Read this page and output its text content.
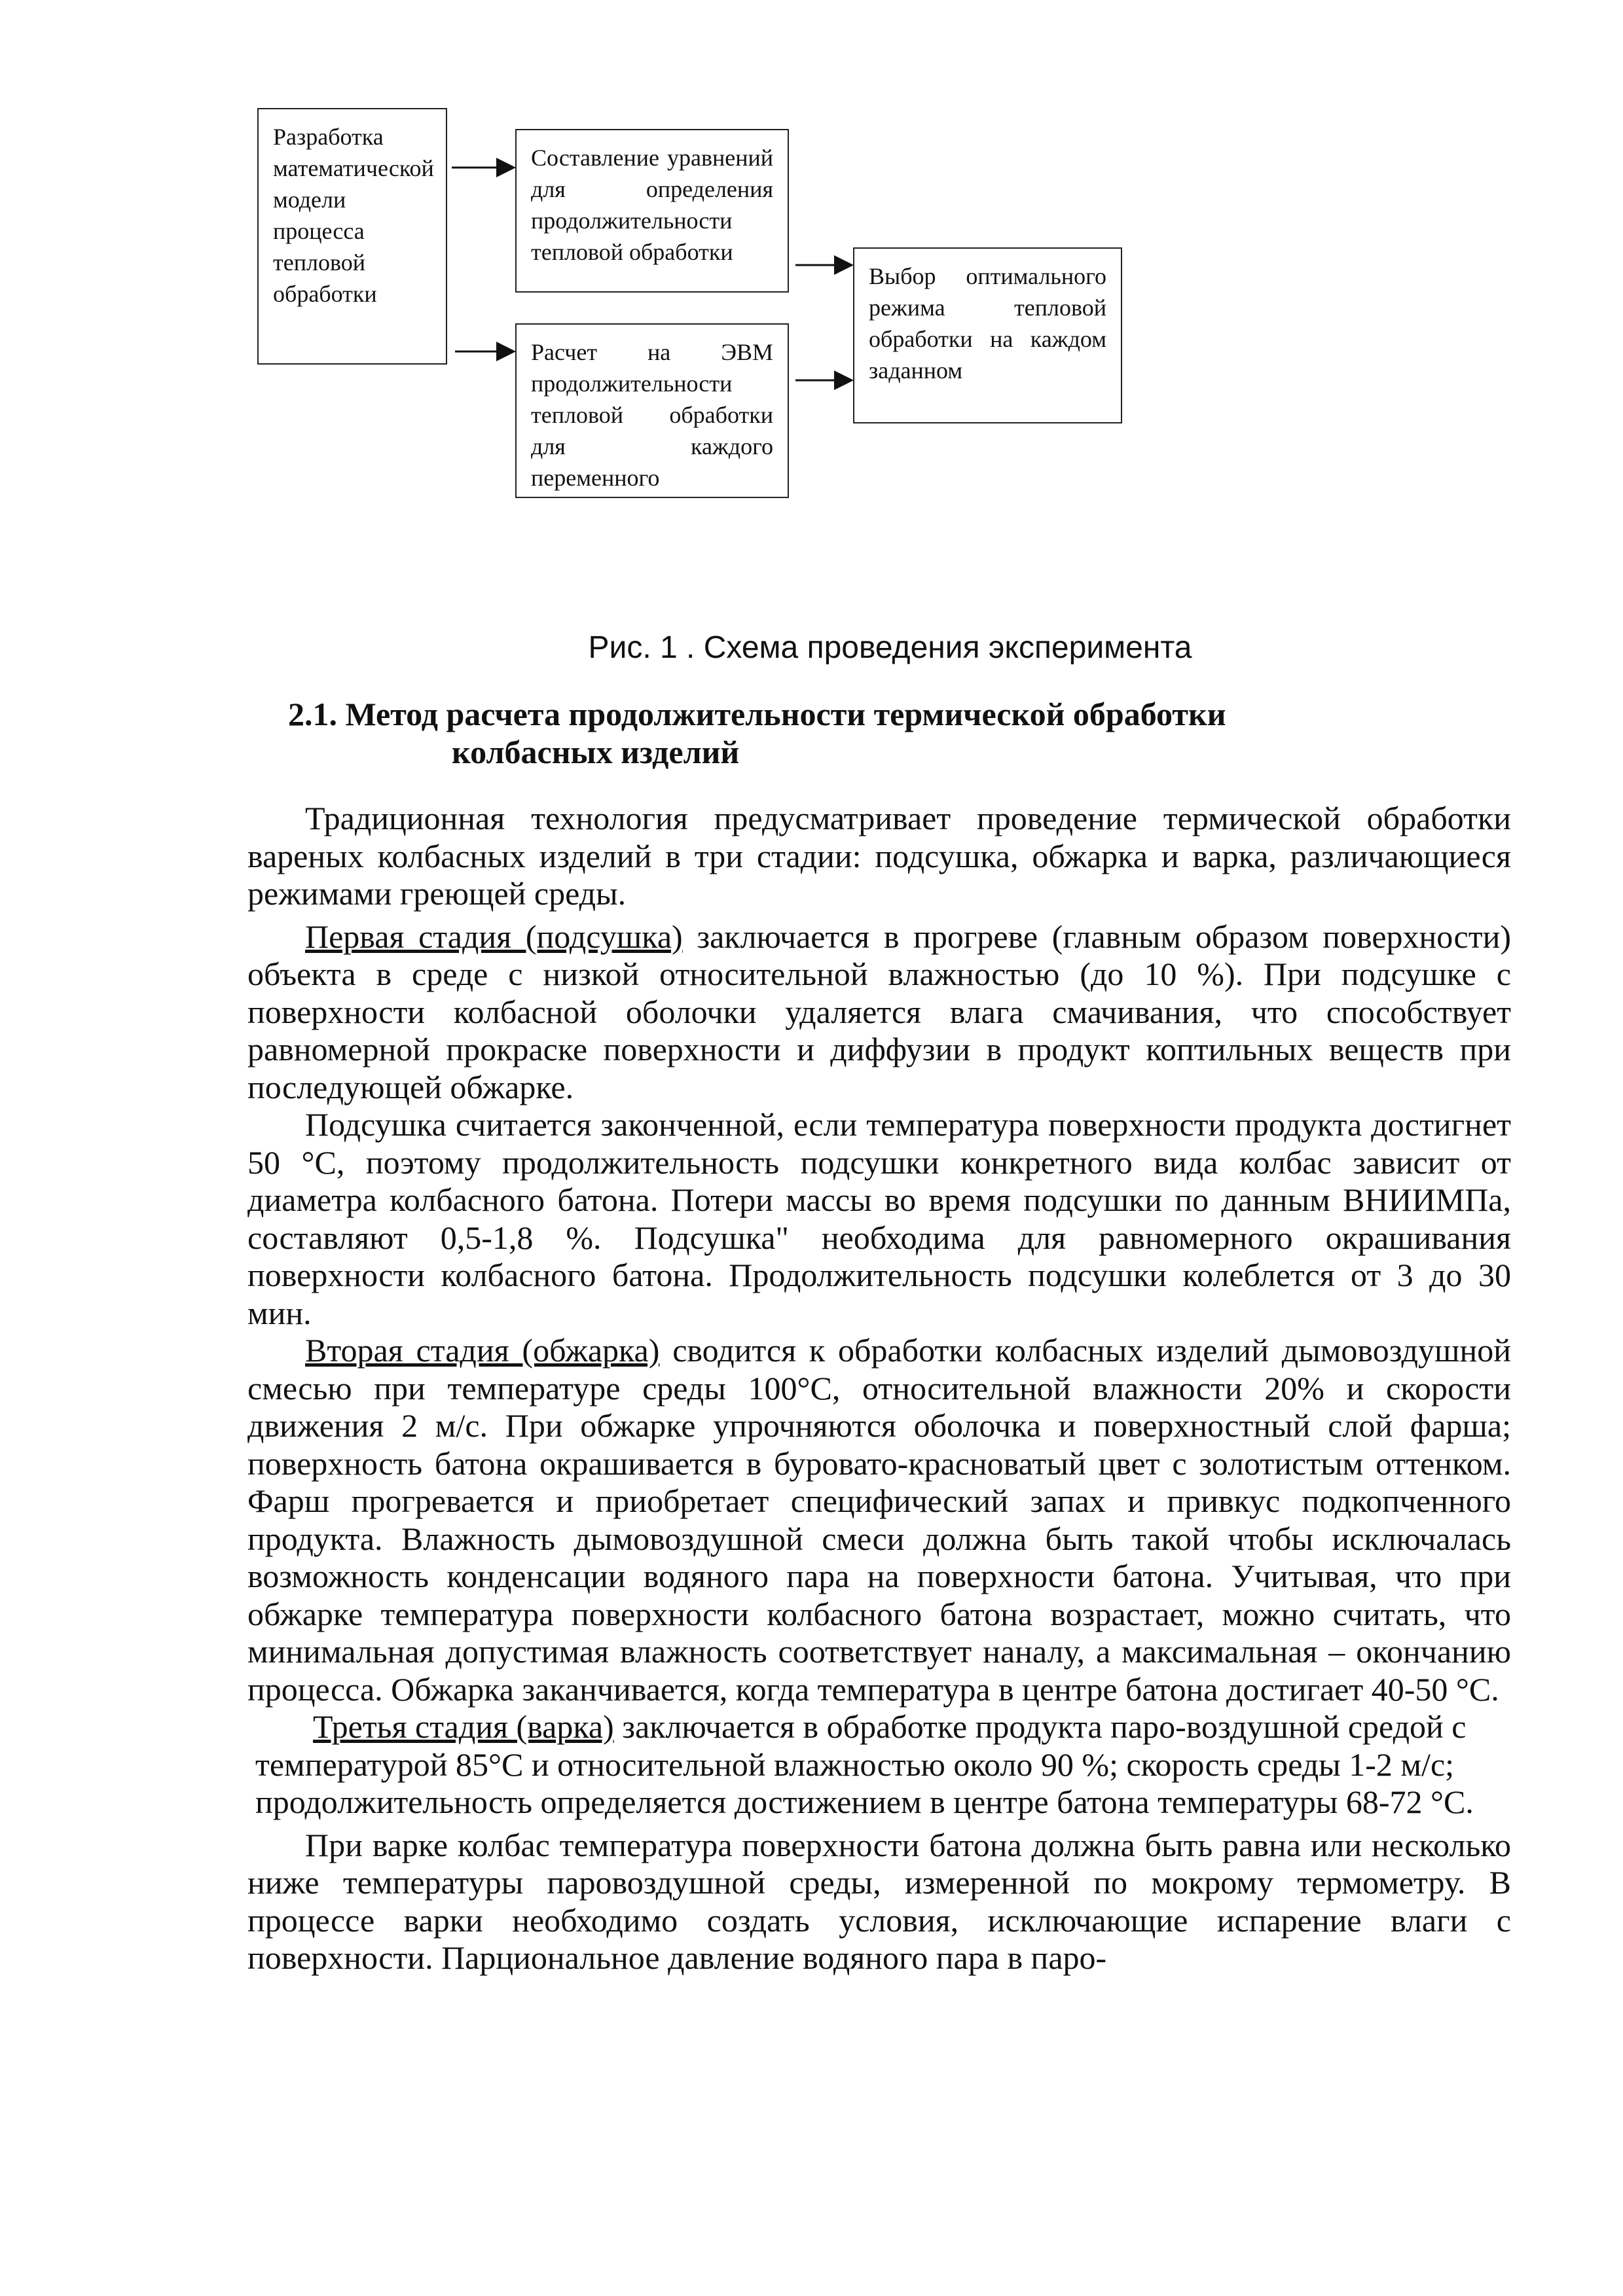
Разработка математической модели процесса тепловой обработки
Составление уравнений для определения продолжительности тепловой обработки
Расчет на ЭВМ продолжительности тепловой обработки для каждого переменного
Выбор оптимального режима тепловой обработки на каждом заданном
Рис. 1 . Схема проведения эксперимента
2.1. Метод расчета продолжительности термической обработки
колбасных изделий

Традиционная технология предусматривает проведение термической обработки вареных колбасных изделий в три стадии: подсушка, обжарка и варка, различающиеся режимами греющей среды.

Первая стадия (подсушка) заключается в прогреве (главным образом поверхности) объекта в среде с низкой относительной влажностью (до 10 %). При подсушке с поверхности колбасной оболочки удаляется влага смачивания, что способствует равномерной прокраске поверхности и диффузии в продукт коптильных веществ при последующей обжарке.

Подсушка считается законченной, если температура поверхности продукта достигнет 50 °С, поэтому продолжительность подсушки конкретного вида колбас зависит от диаметра колбасного батона. Потери массы во время подсушки по данным ВНИИМПа, составляют 0,5-1,8 %. Подсушка" необходима для равномерного окрашивания поверхности колбасного батона. Продолжительность подсушки колеблется от 3 до 30 мин.

Вторая стадия (обжарка) сводится к обработки колбасных изделий дымовоздушной смесью при температуре среды 100°С, относительной влажности 20% и скорости движения 2 м/с. При обжарке упрочняются оболочка и поверхностный слой фарша; поверхность батона окрашивается в буровато-красноватый цвет с золотистым оттенком. Фарш прогревается и приобретает специфический запах и привкус подкопченного продукта. Влажность дымовоздушной смеси должна быть такой чтобы исключалась возможность конденсации водяного пара на поверхности батона. Учитывая, что при обжарке температура поверхности колбасного батона возрастает, можно считать, что минимальная допустимая влажность соответствует наналу, а максимальная – окончанию процесса. Обжарка заканчивается, когда температура в центре батона достигает 40-50 °С.

Третья стадия (варка) заключается в обработке продукта паро-воздушной средой с температурой 85°С и относительной влажностью около 90 %; скорость среды 1-2 м/с; продолжительность определяется достижением в центре батона температуры 68-72 °С.

При варке колбас температура поверхности батона должна быть равна или несколько ниже температуры паровоздушной среды, измеренной по мокрому термометру. В процессе варки необходимо создать условия, исключающие испарение влаги с поверхности. Парциональное давление водяного пара в паро-
